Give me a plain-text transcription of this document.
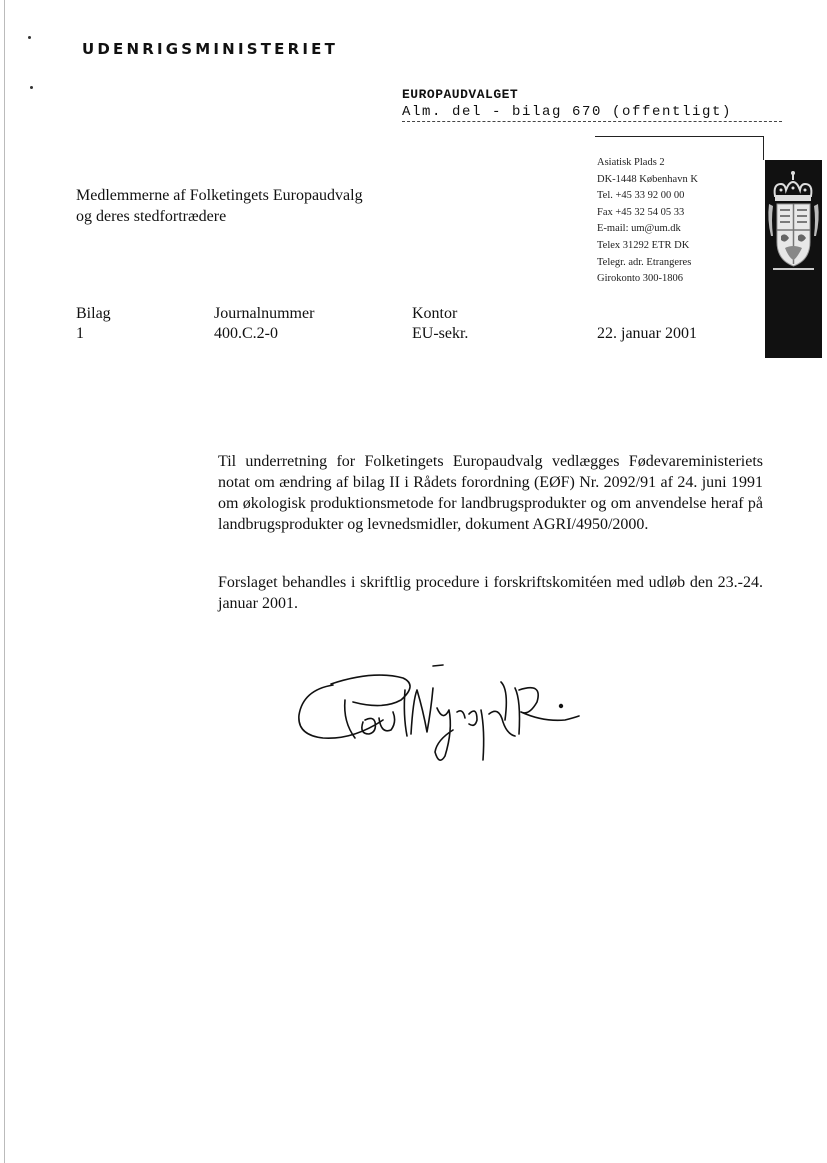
UDENRIGSMINISTERIET
EUROPAUDVALGET
Alm. del - bilag 670 (offentligt)
Asiatisk Plads 2
DK-1448 København K
Tel. +45 33 92 00 00
Fax +45 32 54 05 33
E-mail: um@um.dk
Telex 31292 ETR DK
Telegr. adr. Etrangeres
Girokonto 300-1806
Medlemmerne af Folketingets Europaudvalg
og deres stedfortrædere
Bilag
1
Journalnummer
400.C.2-0
Kontor
EU-sekr.	22. januar 2001
Til underretning for Folketingets Europaudvalg vedlægges Fødevareministeriets notat om ændring af bilag II i Rådets forordning (EØF) Nr. 2092/91 af 24. juni 1991 om økologisk produktionsmetode for landbrugsprodukter og om anvendelse heraf på landbrugsprodukter og levnedsmidler, dokument AGRI/4950/2000.
Forslaget behandles i skriftlig procedure i forskriftskomitéen med udløb den 23.-24. januar 2001.
